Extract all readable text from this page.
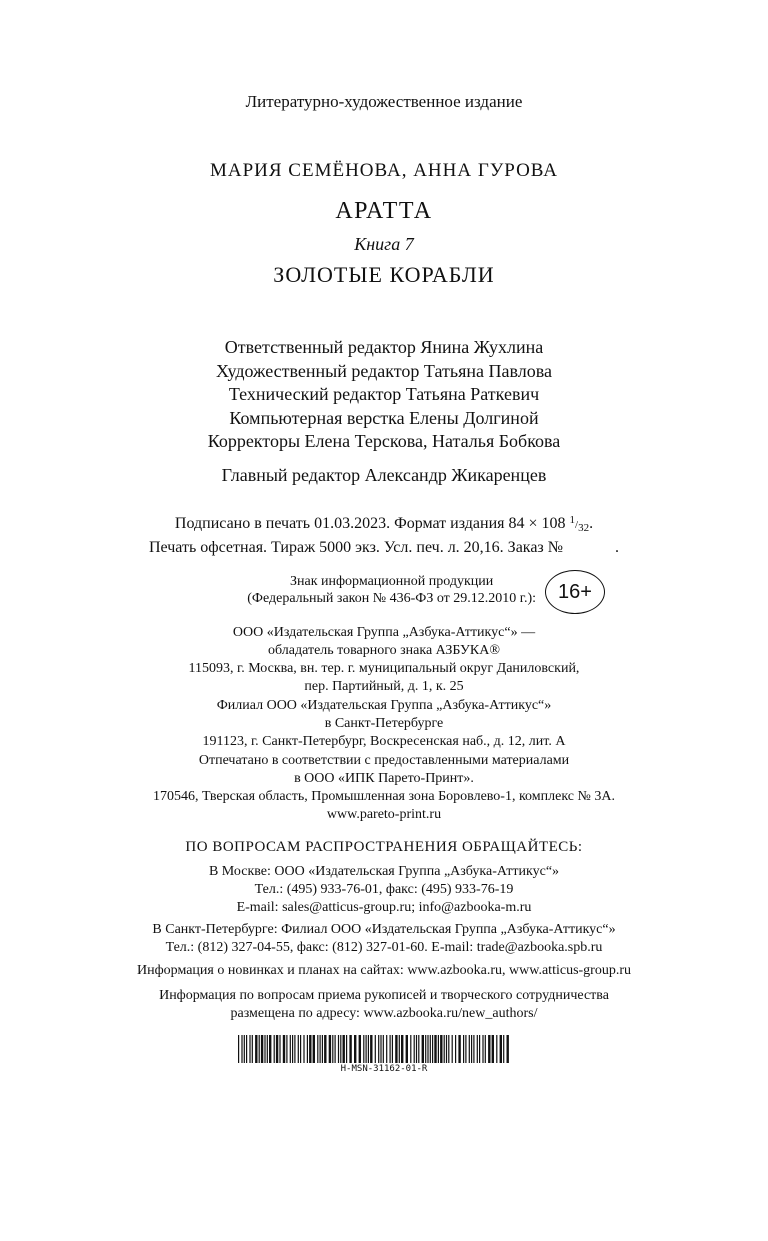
Литературно-художественное издание
МАРИЯ СЕМЁНОВА, АННА ГУРОВА
АРАТТА
Книга 7
ЗОЛОТЫЕ КОРАБЛИ
Ответственный редактор Янина Жухлина
Художественный редактор Татьяна Павлова
Технический редактор Татьяна Раткевич
Компьютерная верстка Елены Долгиной
Корректоры Елена Терскова, Наталья Бобкова
Главный редактор Александр Жикаренцев
Подписано в печать 01.03.2023. Формат издания 84 × 108 $^1$/32.
Печать офсетная. Тираж 5000 экз. Усл. печ. л. 20,16. Заказ №             .
Знак информационной продукции
(Федеральный закон № 436-ФЗ от 29.12.2010 г.):	16+
ООО «Издательская Группа „Азбука-Аттикус“» —
обладатель товарного знака АЗБУКА®
115093, г. Москва, вн. тер. г. муниципальный округ Даниловский,
пер. Партийный, д. 1, к. 25
Филиал ООО «Издательская Группа „Азбука-Аттикус“»
в Санкт-Петербурге
191123, г. Санкт-Петербург, Воскресенская наб., д. 12, лит. А
Отпечатано в соответствии с предоставленными материалами
в ООО «ИПК Парето-Принт».
170546, Тверская область, Промышленная зона Боровлево-1, комплекс № 3А.
www.pareto-print.ru
ПО ВОПРОСАМ РАСПРОСТРАНЕНИЯ ОБРАЩАЙТЕСЬ:
В Москве: ООО «Издательская Группа „Азбука-Аттикус“»
Тел.: (495) 933-76-01, факс: (495) 933-76-19
E-mail: sales@atticus-group.ru; info@azbooka-m.ru
В Санкт-Петербурге: Филиал ООО «Издательская Группа „Азбука-Аттикус“»
Тел.: (812) 327-04-55, факс: (812) 327-01-60. E-mail: trade@azbooka.spb.ru
Информация о новинках и планах на сайтах: www.azbooka.ru, www.atticus-group.ru
Информация по вопросам приема рукописей и творческого сотрудничества
размещена по адресу: www.azbooka.ru/new_authors/
H-MSN-31162-01-R
